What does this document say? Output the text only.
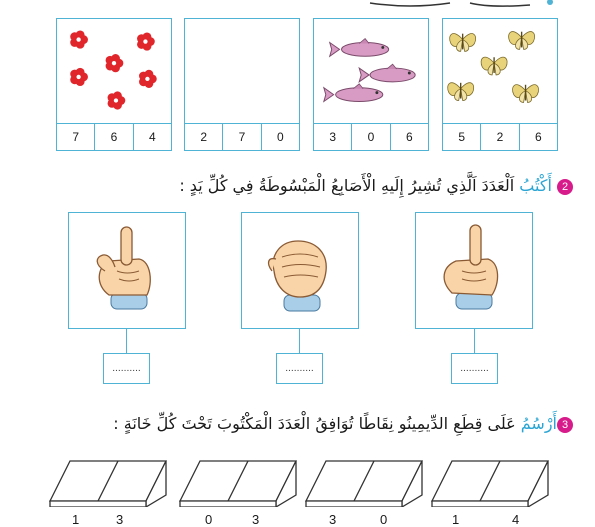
7	6	4	2	7	0	3	0	6	5	2	6
2 أَكْتُبُ اَلْعَدَدَ اَلَّذِي تُشِيرُ إِلَيهِ الْأَصَابِعُ الْمَبْسُوطَةُ فِي كُلِّ يَدٍ :
..........	..........	..........
3أَرْسُمُ عَلَى قِطَعِ الدِّيمِينُو نِقَاطًا تُوَافِقُ الْعَدَدَ الْمَكْتُوبَ تَحْتَ كُلِّ خَانَةٍ :
1	3	0	3	3	0	1	4
